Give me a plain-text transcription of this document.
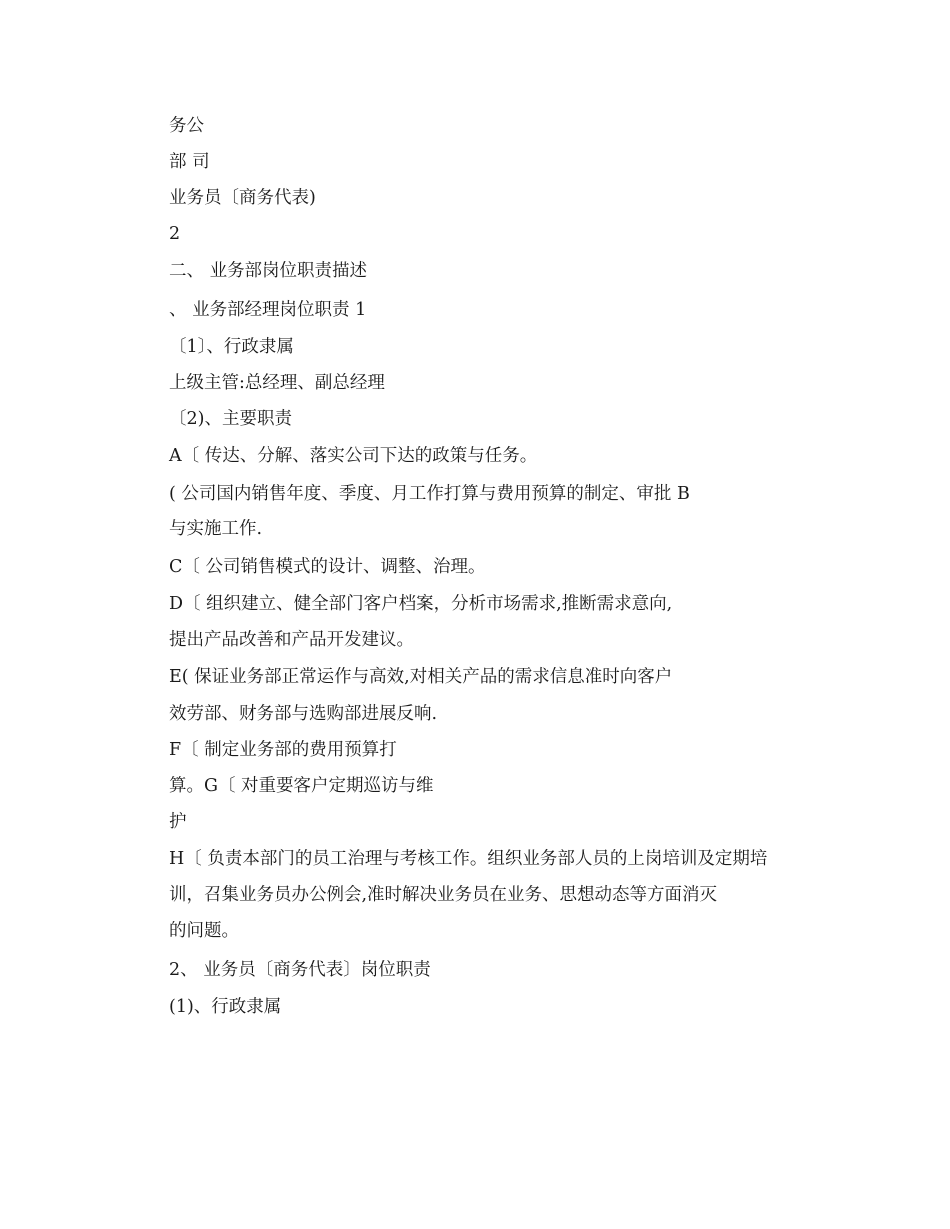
务公
部 司
业务员〔商务代表)
2
二、 业务部岗位职责描述
、 业务部经理岗位职责 1
〔1〕、行政隶属
上级主管:总经理、副总经理
〔2)、主要职责
A〔 传达、分解、落实公司下达的政策与任务。
( 公司国内销售年度、季度、月工作打算与费用预算的制定、审批 B
与实施工作.
C〔 公司销售模式的设计、调整、治理。
D〔 组织建立、健全部门客户档案，分析市场需求,推断需求意向,
提出产品改善和产品开发建议。
E( 保证业务部正常运作与高效,对相关产品的需求信息准时向客户
效劳部、财务部与选购部进展反响.
F〔 制定业务部的费用预算打
算。G〔 对重要客户定期巡访与维
护
H〔 负责本部门的员工治理与考核工作。组织业务部人员的上岗培训及定期培
训，召集业务员办公例会,准时解决业务员在业务、思想动态等方面消灭
的问题。
2、 业务员〔商务代表〕岗位职责
(1)、行政隶属
